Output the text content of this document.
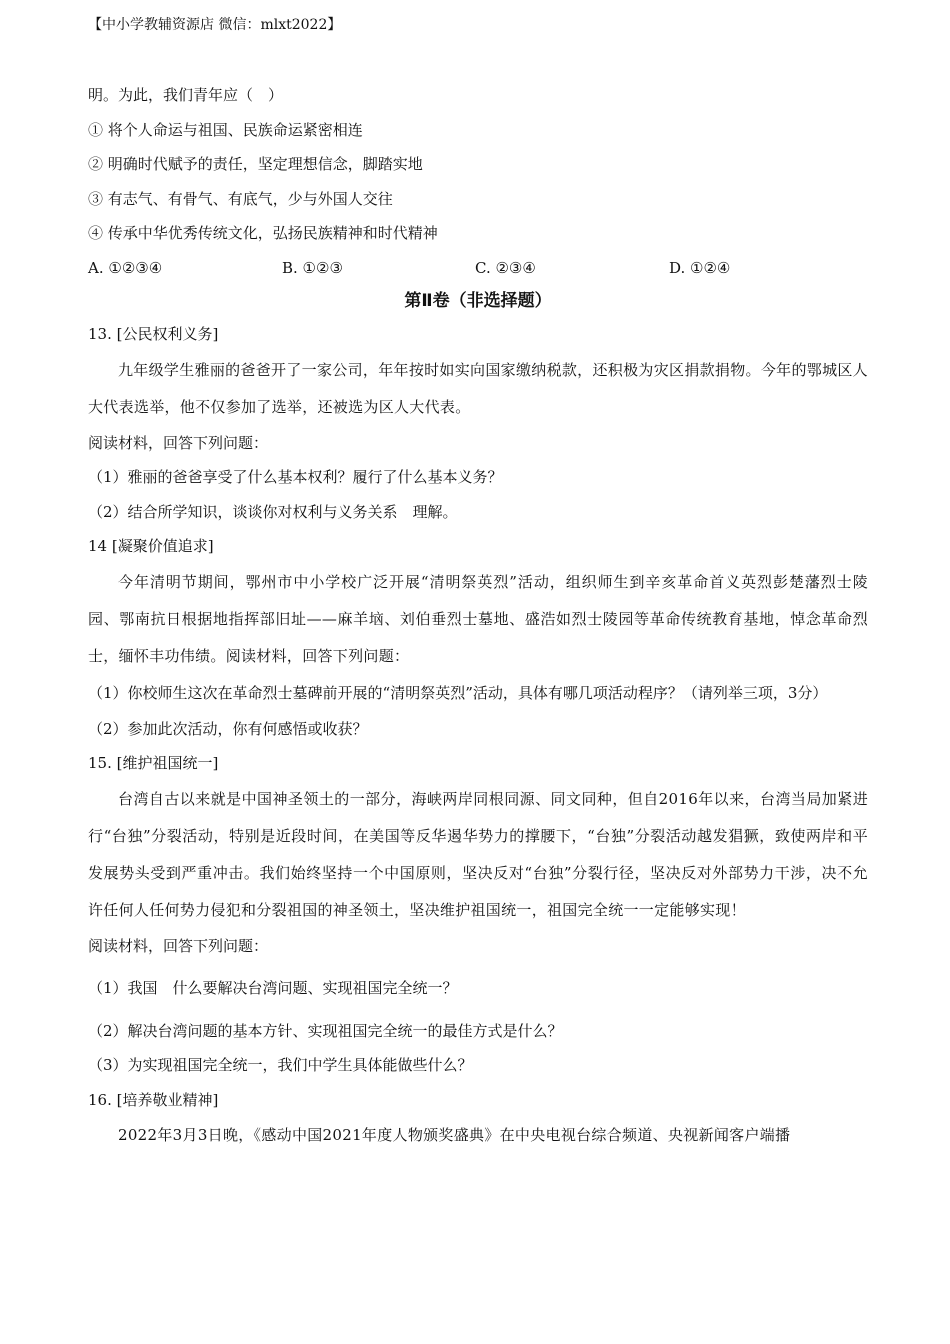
【中小学教辅资源店 微信：mlxt2022】
明。为此，我们青年应（　）
① 将个人命运与祖国、民族命运紧密相连
② 明确时代赋予的责任，坚定理想信念，脚踏实地
③ 有志气、有骨气、有底气，少与外国人交往
④ 传承中华优秀传统文化，弘扬民族精神和时代精神
A. ①②③④	B. ①②③	C. ②③④	D. ①②④
第Ⅱ卷（非选择题）
13. [公民权利义务]
九年级学生雅丽的爸爸开了一家公司，年年按时如实向国家缴纳税款，还积极为灾区捐款捐物。今年的鄂城区人大代表选举，他不仅参加了选举，还被选为区人大代表。
阅读材料，回答下列问题：
（1）雅丽的爸爸享受了什么基本权利？履行了什么基本义务？
（2）结合所学知识，谈谈你对权利与义务关系　理解。
14 [凝聚价值追求]
今年清明节期间，鄂州市中小学校广泛开展“清明祭英烈”活动，组织师生到辛亥革命首义英烈彭楚藩烈士陵园、鄂南抗日根据地指挥部旧址——麻羊垴、刘伯垂烈士墓地、盛浩如烈士陵园等革命传统教育基地，悼念革命烈士，缅怀丰功伟绩。阅读材料，回答下列问题：
（1）你校师生这次在革命烈士墓碑前开展的“清明祭英烈”活动，具体有哪几项活动程序？（请列举三项，3分）
（2）参加此次活动，你有何感悟或收获？
15. [维护祖国统一]
台湾自古以来就是中国神圣领土的一部分，海峡两岸同根同源、同文同种，但自2016年以来，台湾当局加紧进行“台独”分裂活动，特别是近段时间，在美国等反华遏华势力的撑腰下，“台独”分裂活动越发猖獗，致使两岸和平发展势头受到严重冲击。我们始终坚持一个中国原则，坚决反对“台独”分裂行径，坚决反对外部势力干涉，决不允许任何人任何势力侵犯和分裂祖国的神圣领土，坚决维护祖国统一，祖国完全统一一定能够实现！
阅读材料，回答下列问题：
（1）我国　什么要解决台湾问题、实现祖国完全统一？
（2）解决台湾问题的基本方针、实现祖国完全统一的最佳方式是什么？
（3）为实现祖国完全统一，我们中学生具体能做些什么？
16. [培养敬业精神]
2022年3月3日晚，《感动中国2021年度人物颁奖盛典》在中央电视台综合频道、央视新闻客户端播
